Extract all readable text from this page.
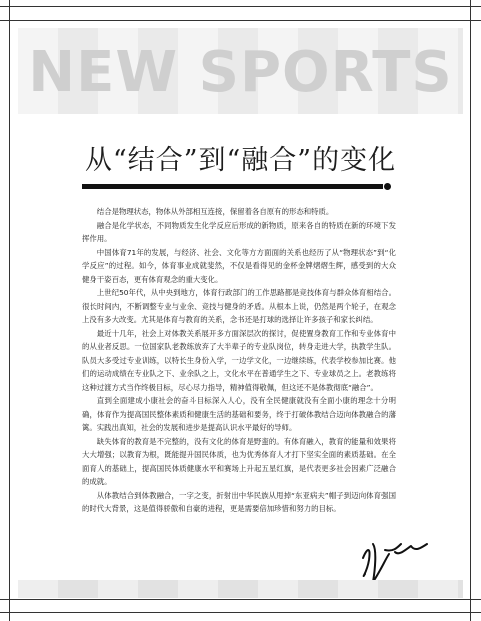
NEW SPORTS
从“结合”到“融合”的变化

结合是物理状态，物体从外部相互连接，保留着各自原有的形态和特质。

融合是化学状态，不同物质发生化学反应后形成的新物质，原来各自的特质在新的环境下发挥作用。

中国体育71年的发展，与经济、社会、文化等方方面面的关系也经历了从“物理状态”到“化学反应”的过程。如今，体育事业成就斐然，不仅是看得见的金杯金牌熠熠生辉，感受到的大众健身干姿百态，更有体育观念的重大变化。

上世纪50年代，从中央到地方，体育行政部门的工作思路都是竞技体育与群众体育相结合。很长时间内，不断调整专业与业余、竞技与健身的矛盾。从根本上说，仍然是两个轮子，在观念上没有多大改变。尤其是体育与教育的关系，念书还是打球的选择让许多孩子和家长纠结。

最近十几年，社会上对体教关系展开多方面深层次的探讨，促使置身教育工作和专业体育中的从业者反思。一位国家队老教练放弃了大半辈子的专业队岗位，转身走进大学，执教学生队。队员大多受过专业训练，以特长生身份入学，一边学文化，一边继续练，代表学校参加比赛。他们的运动成绩在专业队之下、业余队之上，文化水平在普通学生之下、专业球员之上。老教练将这种过渡方式当作终极目标，尽心尽力指导，精神值得敬佩，但这还不是体教彻底“融合”。

直到全面建成小康社会的奋斗目标深入人心，没有全民健康就没有全面小康的理念十分明确，体育作为提高国民整体素质和健康生活的基础和要务，终于打破体教结合迈向体教融合的藩篱。实践出真知，社会的发展和进步是提高认识水平最好的导师。

缺失体育的教育是不完整的，没有文化的体育是野蛮的。有体育融入，教育的能量和效果将大大增强；以教育为根，既能提升国民体质，也为优秀体育人才打下坚实全面的素质基础。在全面育人的基础上，提高国民体质健康水平和赛场上升起五星红旗，是代表更多社会因素广泛融合的成就。

从体教结合到体教融合，一字之变，折射出中华民族从甩掉“东亚病夫”帽子到迈向体育强国的时代大背景，这是值得骄傲和自豪的进程，更是需要倍加珍惜和努力的目标。
